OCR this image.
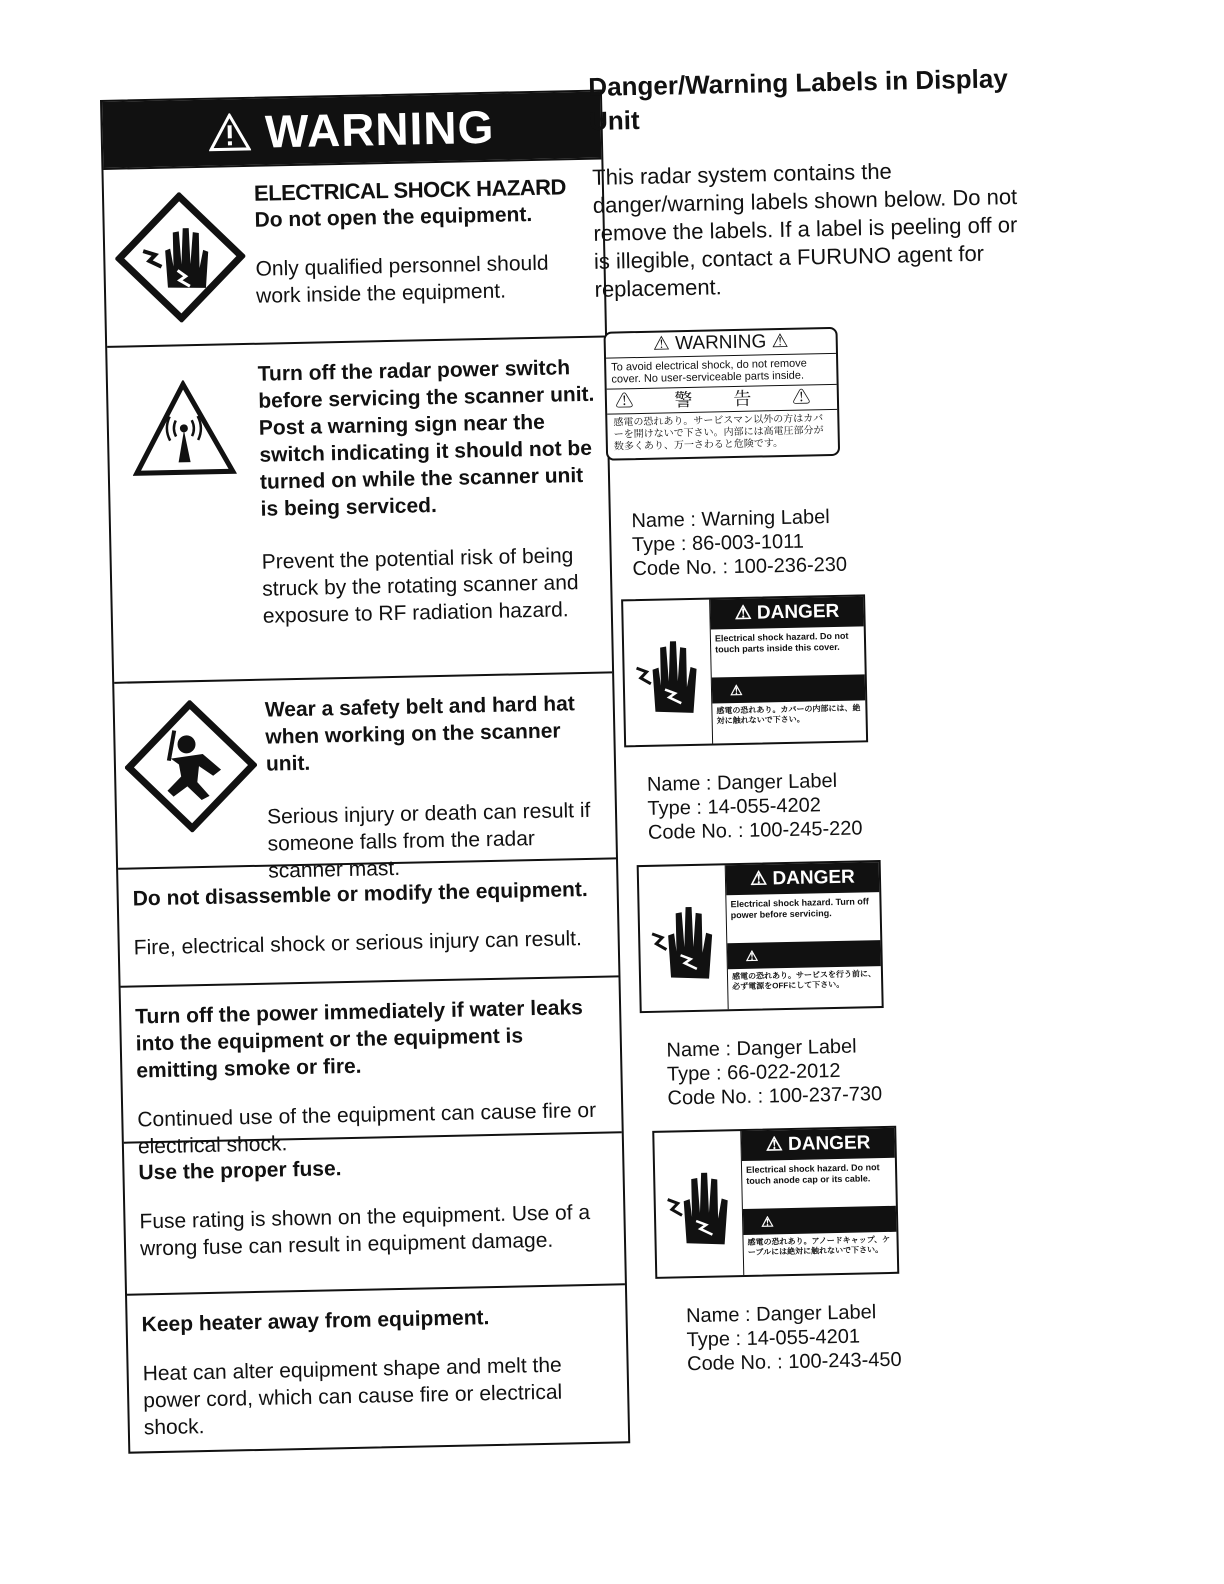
WARNING
ELECTRICAL SHOCK HAZARD
Do not open the equipment.
Only qualified personnel should work inside the equipment.
Turn off the radar power switch before servicing the scanner unit. Post a warning sign near the switch indicating it should not be turned on while the scanner unit is being serviced.
Prevent the potential risk of being struck by the rotating scanner and exposure to RF radiation hazard.
Wear a safety belt and hard hat when working on the scanner unit.
Serious injury or death can result if someone falls from the radar scanner mast.
Do not disassemble or modify the equipment.
Fire, electrical shock or serious injury can result.
Turn off the power immediately if water leaks into the equipment or the equipment is emitting smoke or fire.
Continued use of the equipment can cause fire or electrical shock.
Use the proper fuse.
Fuse rating is shown on the equipment. Use of a wrong fuse can result in equipment damage.
Keep heater away from equipment.
Heat can alter equipment shape and melt the power cord, which can cause fire or electrical shock.
Danger/Warning Labels in Display Unit

This radar system contains the danger/warning labels shown below. Do not remove the labels. If a label is peeling off or is illegible, contact a FURUNO agent for replacement.

⚠ WARNING ⚠
To avoid electrical shock, do not remove cover. No user-serviceable parts inside.
⚠ 警 告 ⚠
感電の恐れあり。サービスマン以外の方はカバーを開けないで下さい。内部には高電圧部分が数多くあり、万一さわると危険です。
Name : Warning Label
Type : 86-003-1011
Code No. : 100-236-230
⚠ DANGER
Electrical shock hazard. Do not touch parts inside this cover.
⚠
感電の恐れあり。カバーの内部には、絶対に触れないで下さい。
Name : Danger Label
Type : 14-055-4202
Code No. : 100-245-220
⚠ DANGER
Electrical shock hazard. Turn off power before servicing.
⚠
感電の恐れあり。サービスを行う前に、必ず電源をOFFにして下さい。
Name : Danger Label
Type : 66-022-2012
Code No. : 100-237-730
⚠ DANGER
Electrical shock hazard. Do not touch anode cap or its cable.
⚠
感電の恐れあり。アノードキャップ、ケーブルには絶対に触れないで下さい。
Name : Danger Label
Type : 14-055-4201
Code No. : 100-243-450
